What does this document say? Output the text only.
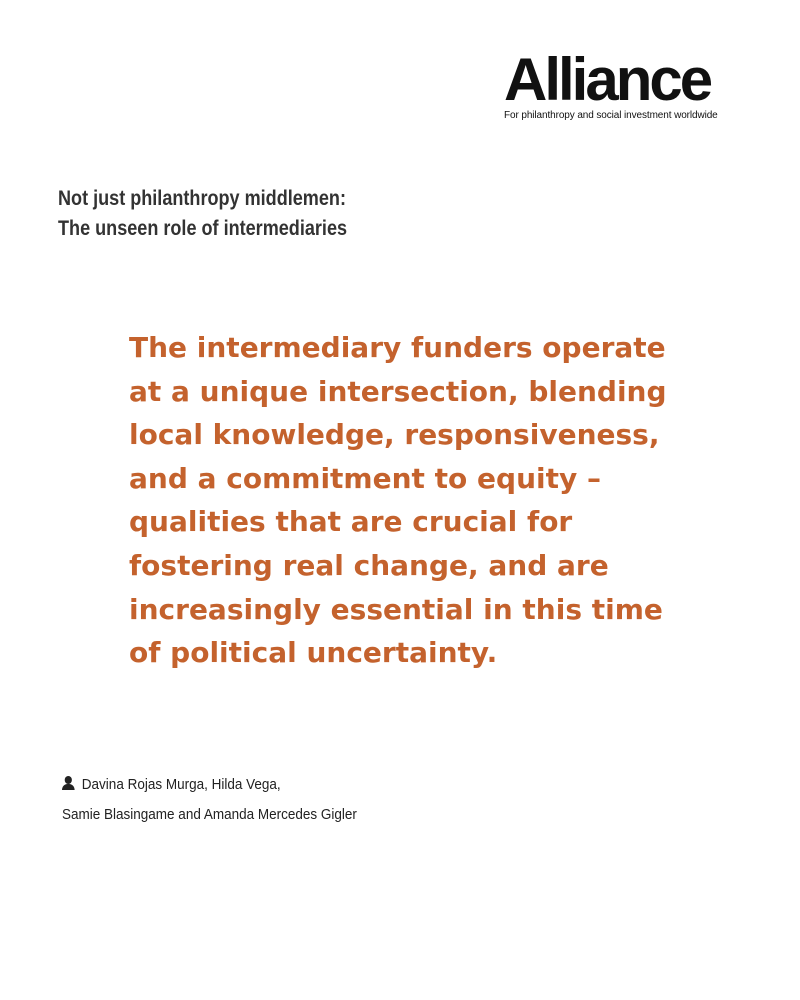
Alliance
For philanthropy and social investment worldwide
Not just philanthropy middlemen:
The unseen role of intermediaries
The intermediary funders operate at a unique intersection, blending local knowledge, responsiveness, and a commitment to equity – qualities that are crucial for fostering real change, and are increasingly essential in this time of political uncertainty.
Davina Rojas Murga, Hilda Vega,
Samie Blasingame and Amanda Mercedes Gigler
